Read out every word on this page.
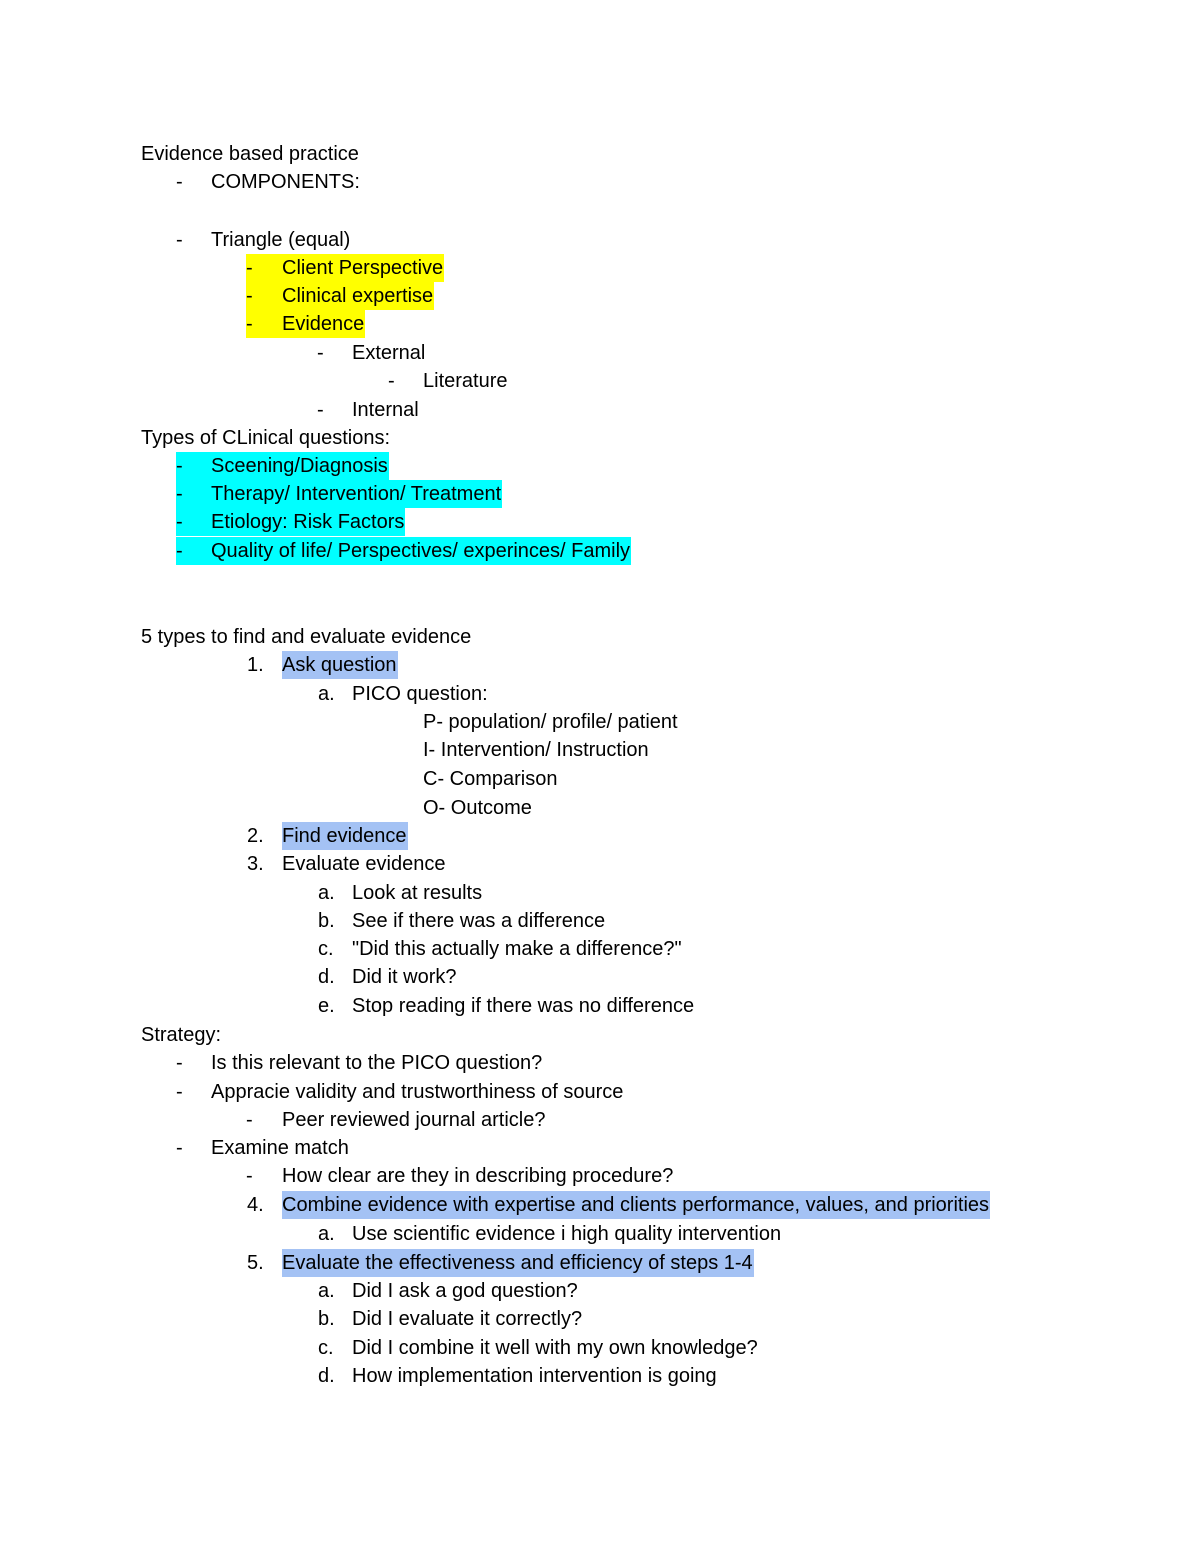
Evidence based practice
- COMPONENTS:
- Triangle (equal)
- Client Perspective
- Clinical expertise
- Evidence
- External
- Literature
- Internal
Types of CLinical questions:
- Sceening/Diagnosis
- Therapy/ Intervention/ Treatment
- Etiology: Risk Factors
- Quality of life/ Perspectives/ experinces/ Family
5 types to find and evaluate evidence
1. Ask question
a. PICO question:
P- population/ profile/ patient
I- Intervention/ Instruction
C- Comparison
O- Outcome
2. Find evidence
3. Evaluate evidence
a. Look at results
b. See if there was a difference
c. "Did this actually make a difference?"
d. Did it work?
e. Stop reading if there was no difference
Strategy:
- Is this relevant to the PICO question?
- Appracie validity and trustworthiness of source
- Peer reviewed journal article?
- Examine match
- How clear are they in describing procedure?
4. Combine evidence with expertise and clients performance, values, and priorities
a. Use scientific evidence i high quality intervention
5. Evaluate the effectiveness and efficiency of steps 1-4
a. Did I ask a god question?
b. Did I evaluate it correctly?
c. Did I combine it well with my own knowledge?
d. How implementation intervention is going
